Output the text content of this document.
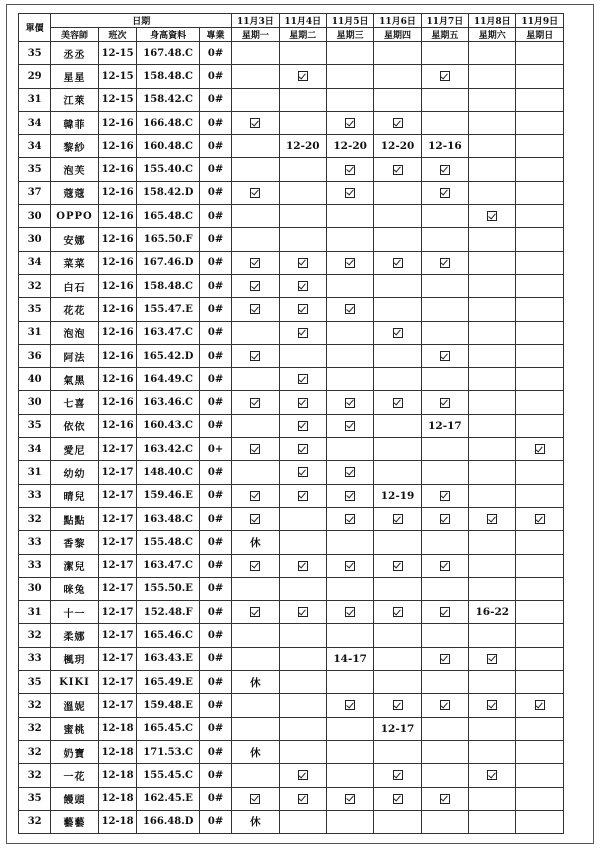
單價	日期				11月3日	11月4日	11月5日	11月6日	11月7日	11月8日	11月9日
	美容師	班次	身高資料	專業	星期一	星期二	星期三	星期四	星期五	星期六	星期日
35	丞丞	12-15	167.48.C	0#							
29	星星	12-15	158.48.C	0#							
31	江萊	12-15	158.42.C	0#							
34	韓菲	12-16	166.48.C	0#							
34	黎紗	12-16	160.48.C	0#		12-20	12-20	12-20	12-16		
35	泡芙	12-16	155.40.C	0#							
37	蔻蔻	12-16	158.42.D	0#							
30	OPPO	12-16	165.48.C	0#							
30	安娜	12-16	165.50.F	0#							
34	菜菜	12-16	167.46.D	0#							
32	白石	12-16	158.48.C	0#							
35	花花	12-16	155.47.E	0#							
31	泡泡	12-16	163.47.C	0#							
36	阿法	12-16	165.42.D	0#							
40	氣黑	12-16	164.49.C	0#							
30	七喜	12-16	163.46.C	0#							
35	依依	12-16	160.43.C	0#					12-17		
34	愛尼	12-17	163.42.C	0+							
31	幼幼	12-17	148.40.C	0#							
33	晴兒	12-17	159.46.E	0#				12-19			
32	點點	12-17	163.48.C	0#							
33	香黎	12-17	155.48.C	0#	休						
33	潔兒	12-17	163.47.C	0#							
30	咪兔	12-17	155.50.E	0#							
31	十一	12-17	152.48.F	0#						16-22	
32	柔娜	12-17	165.46.C	0#							
33	楓玥	12-17	163.43.E	0#			14-17				
35	KIKI	12-17	165.49.E	0#	休						
32	溫妮	12-17	159.48.E	0#							
32	蜜桃	12-18	165.45.C	0#				12-17			
32	奶寶	12-18	171.53.C	0#	休						
32	一花	12-18	155.45.C	0#							
35	饅頭	12-18	162.45.E	0#							
32	藝藝	12-18	166.48.D	0#	休						
